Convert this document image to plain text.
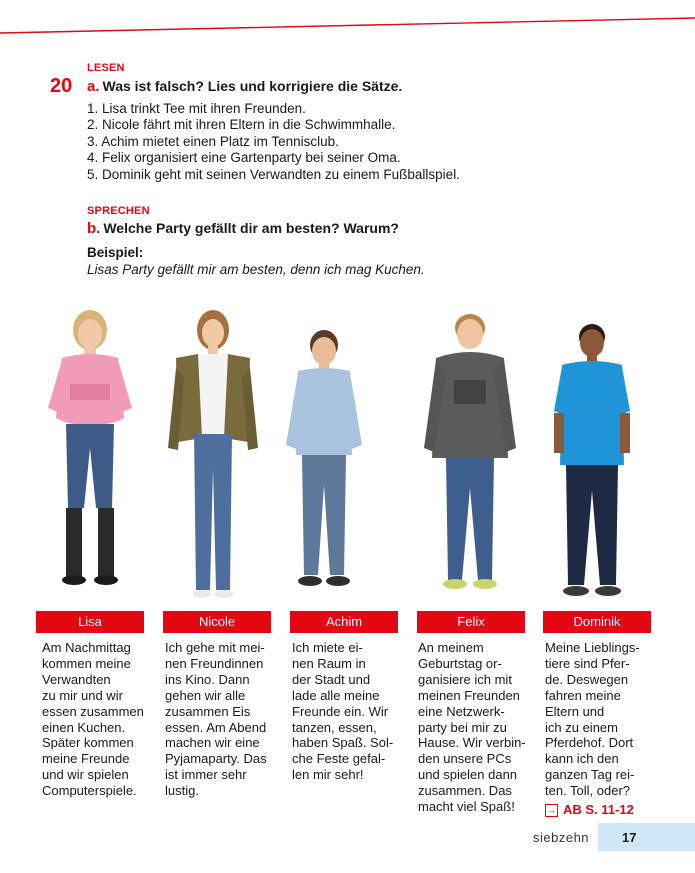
20
LESEN
a. Was ist falsch? Lies und korrigiere die Sätze.
1. Lisa trinkt Tee mit ihren Freunden.
2. Nicole fährt mit ihren Eltern in die Schwimmhalle.
3. Achim mietet einen Platz im Tennisclub.
4. Felix organisiert eine Gartenparty bei seiner Oma.
5. Dominik geht mit seinen Verwandten zu einem Fußballspiel.
SPRECHEN
b. Welche Party gefällt dir am besten? Warum?
Beispiel:
Lisas Party gefällt mir am besten, denn ich mag Kuchen.
Lisa	Nicole	Achim	Felix	Dominik
Am Nachmittag
kommen meine
Verwandten
zu mir und wir
essen zusammen
einen Kuchen.
Später kommen
meine Freunde
und wir spielen
Computerspiele.
Ich gehe mit mei-
nen Freundinnen
ins Kino. Dann
gehen wir alle
zusammen Eis
essen. Am Abend
machen wir eine
Pyjamaparty. Das
ist immer sehr
lustig.
Ich miete ei-
nen Raum in
der Stadt und
lade alle meine
Freunde ein. Wir
tanzen, essen,
haben Spaß. Sol-
che Feste gefal-
len mir sehr!
An meinem
Geburtstag or-
ganisiere ich mit
meinen Freunden
eine Netzwerk-
party bei mir zu
Hause. Wir verbin-
den unsere PCs
und spielen dann
zusammen. Das
macht viel Spaß!
Meine Lieblings-
tiere sind Pfer-
de. Deswegen
fahren meine
Eltern und
ich zu einem
Pferdehof. Dort
kann ich den
ganzen Tag rei-
ten. Toll, oder?
→ AB S. 11-12
siebzehn	17
